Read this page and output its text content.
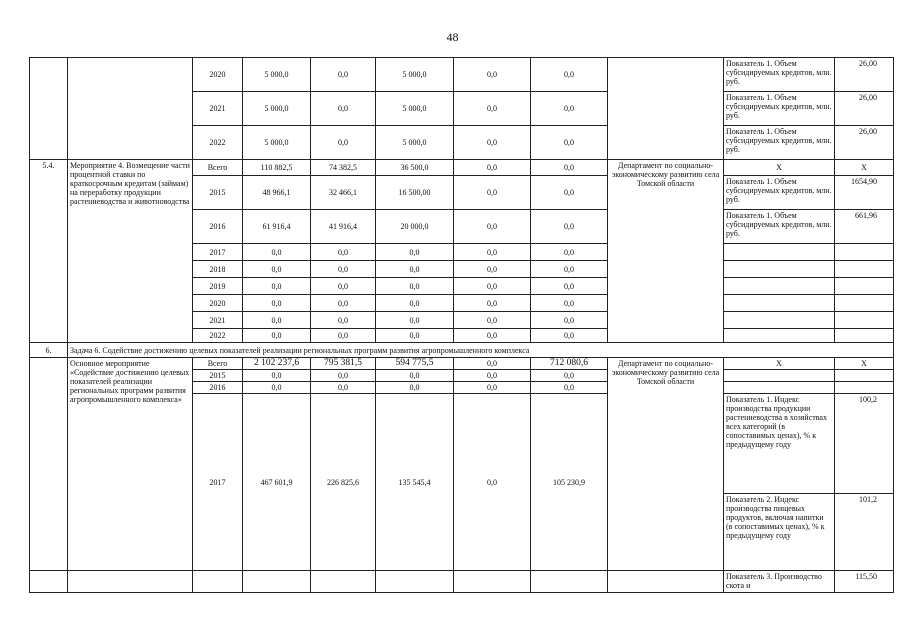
48
		2020	5 000,0	0,0	5 000,0	0,0	0,0		Показатель 1. Объем субсидируемых кредитов, млн. руб.	26,00
		2021	5 000,0	0,0	5 000,0	0,0	0,0		Показатель 1. Объем субсидируемых кредитов, млн. руб.	26,00
		2022	5 000,0	0,0	5 000,0	0,0	0,0		Показатель 1. Объем субсидируемых кредитов, млн. руб.	26,00
5.4.	Мероприятие 4. Возмещение части процентной ставки по краткосрочным кредитам (займам) на переработку продукции растениеводства и животноводства	Всего	110 882,5	74 382,5	36 500,0	0,0	0,0	Департамент по социально-экономическому развитию села Томской области	X	X
		2015	48 966,1	32 466,1	16 500,00	0,0	0,0		Показатель 1. Объем субсидируемых кредитов, млн. руб.	1654,90
		2016	61 916,4	41 916,4	20 000,0	0,0	0,0		Показатель 1. Объем субсидируемых кредитов, млн. руб.	661,96
		2017	0,0	0,0	0,0	0,0	0,0			
		2018	0,0	0,0	0,0	0,0	0,0			
		2019	0,0	0,0	0,0	0,0	0,0			
		2020	0,0	0,0	0,0	0,0	0,0			
		2021	0,0	0,0	0,0	0,0	0,0			
		2022	0,0	0,0	0,0	0,0	0,0			
6.	Задача 6. Содействие достижению целевых показателей реализации региональных программ развития агропромышленного комплекса									
	Основное мероприятие «Содействие достижению целевых показателей реализации региональных программ развития агропромышленного комплекса»	Всего	2 102 237,6	795 381,5	594 775,5	0,0	712 080,6	Департамент по социально-экономическому развитию села Томской области	X	X
		2015	0,0	0,0	0,0	0,0	0,0			
		2016	0,0	0,0	0,0	0,0	0,0			
		2017	467 601,9	226 825,6	135 545,4	0,0	105 230,9		Показатель 1. Индекс производства продукции растениеводства в хозяйствах всех категорий (в сопоставимых ценах), % к предыдущему году	100,2
									Показатель 2. Индекс производства пищевых продуктов, включая напитки (в сопоставимых ценах), % к предыдущему году	101,2
									Показатель 3. Производство скота и	115,50
